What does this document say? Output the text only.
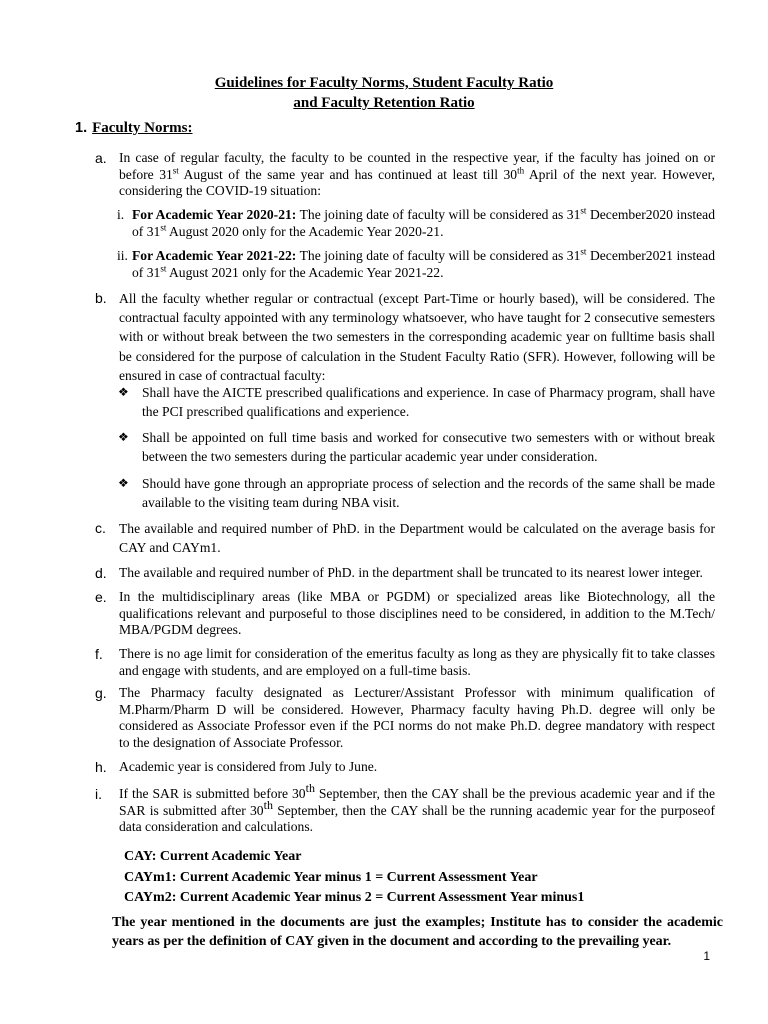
Guidelines for Faculty Norms, Student Faculty Ratio
and Faculty Retention Ratio
1. Faculty Norms:
a. In case of regular faculty, the faculty to be counted in the respective year, if the faculty has joined on or before 31st August of the same year and has continued at least till 30th April of the next year. However, considering the COVID-19 situation:
i. For Academic Year 2020-21: The joining date of faculty will be considered as 31st December2020 instead of 31st August 2020 only for the Academic Year 2020-21.
ii. For Academic Year 2021-22: The joining date of faculty will be considered as 31st December2021 instead of 31st August 2021 only for the Academic Year 2021-22.
b. All the faculty whether regular or contractual (except Part-Time or hourly based), will be considered. The contractual faculty appointed with any terminology whatsoever, who have taught for 2 consecutive semesters with or without break between the two semesters in the corresponding academic year on fulltime basis shall be considered for the purpose of calculation in the Student Faculty Ratio (SFR). However, following will be ensured in case of contractual faculty:
❖ Shall have the AICTE prescribed qualifications and experience. In case of Pharmacy program, shall have the PCI prescribed qualifications and experience.
❖ Shall be appointed on full time basis and worked for consecutive two semesters with or without break between the two semesters during the particular academic year under consideration.
❖ Should have gone through an appropriate process of selection and the records of the same shall be made available to the visiting team during NBA visit.
c. The available and required number of PhD. in the Department would be calculated on the average basis for CAY and CAYm1.
d. The available and required number of PhD. in the department shall be truncated to its nearest lower integer.
e. In the multidisciplinary areas (like MBA or PGDM) or specialized areas like Biotechnology, all the qualifications relevant and purposeful to those disciplines need to be considered, in addition to the M.Tech/ MBA/PGDM degrees.
f. There is no age limit for consideration of the emeritus faculty as long as they are physically fit to take classes and engage with students, and are employed on a full-time basis.
g. The Pharmacy faculty designated as Lecturer/Assistant Professor with minimum qualification of M.Pharm/Pharm D will be considered. However, Pharmacy faculty having Ph.D. degree will only be considered as Associate Professor even if the PCI norms do not make Ph.D. degree mandatory with respect to the designation of Associate Professor.
h. Academic year is considered from July to June.
i. If the SAR is submitted before 30th September, then the CAY shall be the previous academic year and if the SAR is submitted after 30th September, then the CAY shall be the running academic year for the purposeof data consideration and calculations.
CAY: Current Academic Year
CAYm1: Current Academic Year minus 1 = Current Assessment Year
CAYm2: Current Academic Year minus 2 = Current Assessment Year minus1
The year mentioned in the documents are just the examples; Institute has to consider the academic years as per the definition of CAY given in the document and according to the prevailing year.
1
